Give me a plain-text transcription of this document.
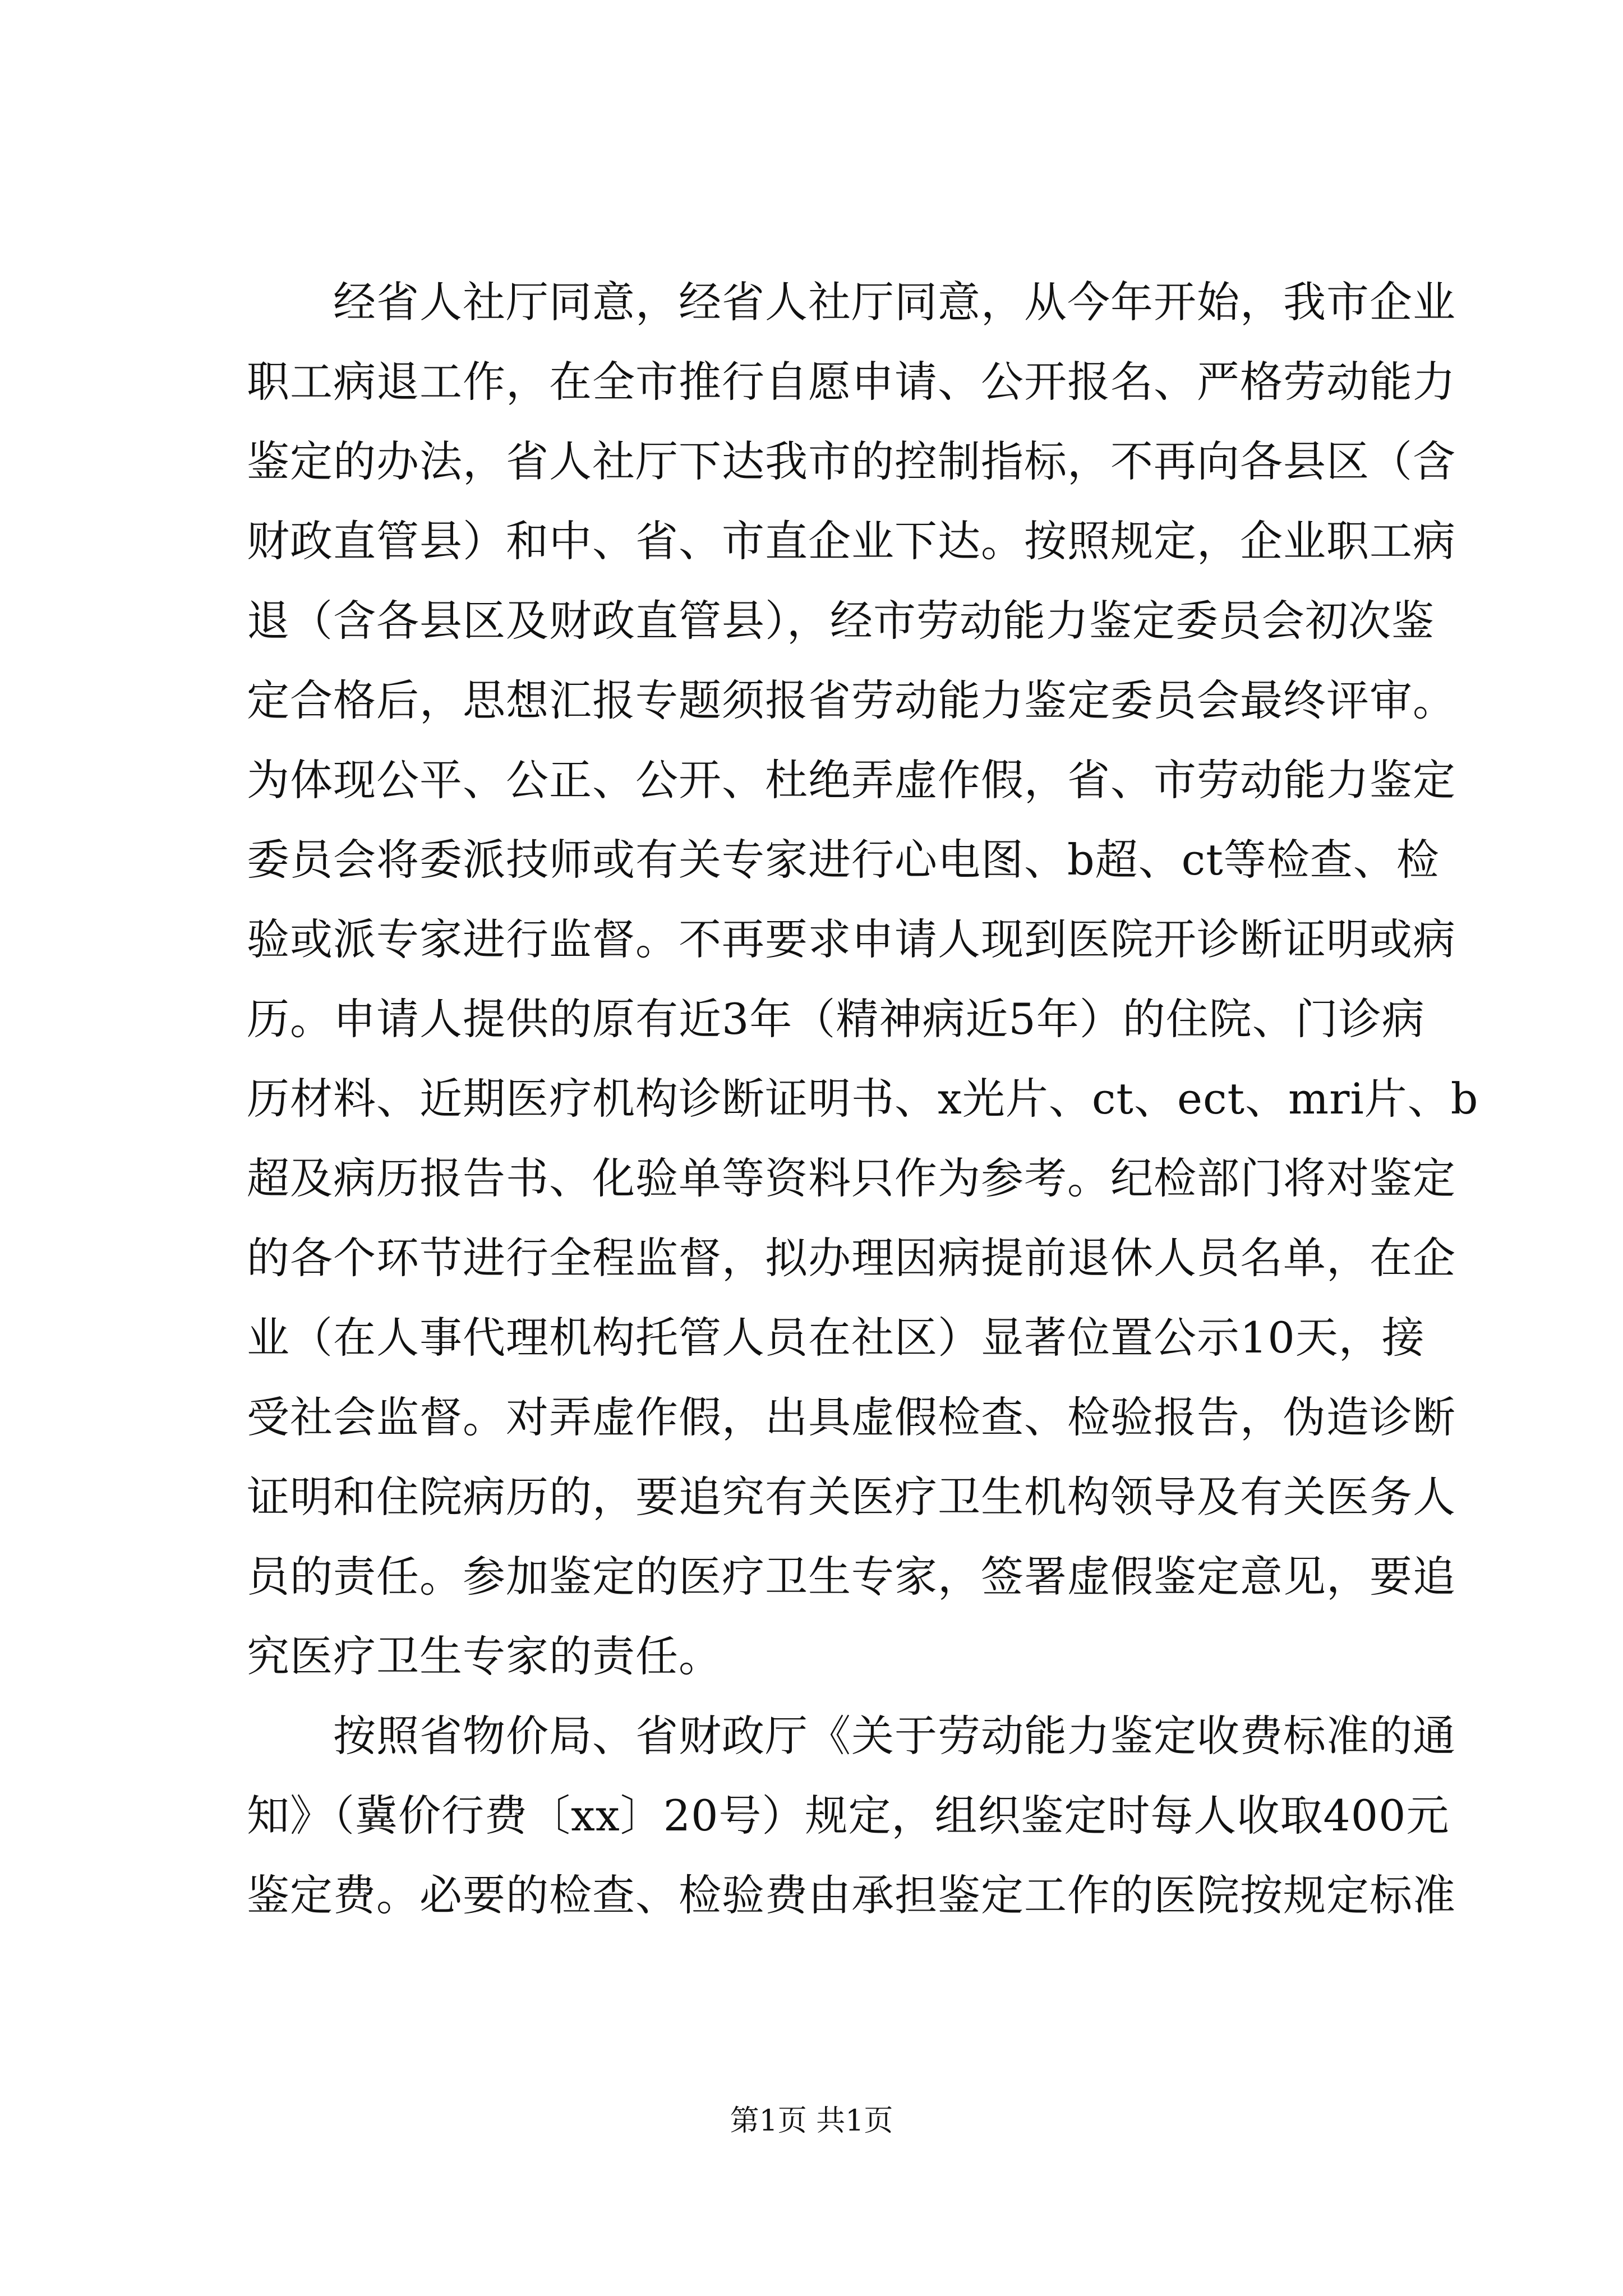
　　经省人社厅同意，经省人社厅同意，从今年开始，我市企业
职工病退工作，在全市推行自愿申请、公开报名、严格劳动能力
鉴定的办法，省人社厅下达我市的控制指标，不再向各县区（含
财政直管县）和中、省、市直企业下达。按照规定，企业职工病
退（含各县区及财政直管县），经市劳动能力鉴定委员会初次鉴
定合格后，思想汇报专题须报省劳动能力鉴定委员会最终评审。
为体现公平、公正、公开、杜绝弄虚作假，省、市劳动能力鉴定
委员会将委派技师或有关专家进行心电图、b超、ct等检查、检
验或派专家进行监督。不再要求申请人现到医院开诊断证明或病
历。申请人提供的原有近3年（精神病近5年）的住院、门诊病
历材料、近期医疗机构诊断证明书、x光片、ct、ect、mri片、b
超及病历报告书、化验单等资料只作为参考。纪检部门将对鉴定
的各个环节进行全程监督，拟办理因病提前退休人员名单，在企
业（在人事代理机构托管人员在社区）显著位置公示10天，接
受社会监督。对弄虚作假，出具虚假检查、检验报告，伪造诊断
证明和住院病历的，要追究有关医疗卫生机构领导及有关医务人
员的责任。参加鉴定的医疗卫生专家，签署虚假鉴定意见，要追
究医疗卫生专家的责任。
　　按照省物价局、省财政厅《关于劳动能力鉴定收费标准的通
知》（冀价行费〔xx〕20号）规定，组织鉴定时每人收取400元
鉴定费。必要的检查、检验费由承担鉴定工作的医院按规定标准
第1页 共1页
